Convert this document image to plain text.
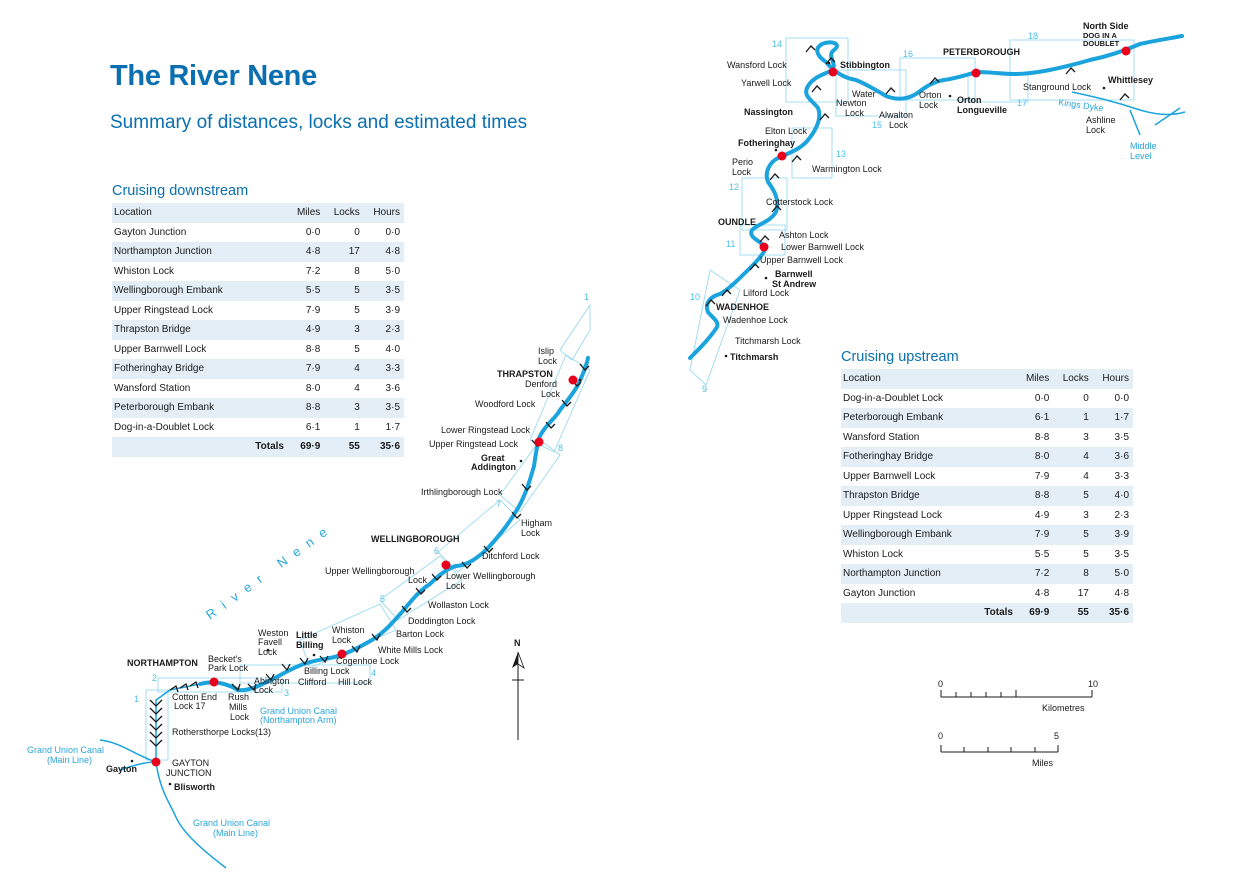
The River Nene

Summary of distances, locks and estimated times

Cruising downstream
Location	Miles	Locks	Hours
Gayton Junction	0·0	0	0·0
Northampton Junction	4·8	17	4·8
Whiston Lock	7·2	8	5·0
Wellingborough Embank	5·5	5	3·5
Upper Ringstead Lock	7·9	5	3·9
Thrapston Bridge	4·9	3	2·3
Upper Barnwell Lock	8·8	5	4·0
Fotheringhay Bridge	7·9	4	3·3
Wansford Station	8·0	4	3·6
Peterborough Embank	8·8	3	3·5
Dog-in-a-Doublet Lock	6·1	1	1·7
Totals	69·9	55	35·6
Cruising upstream
Location	Miles	Locks	Hours
Dog-in-a-Doublet Lock	0·0	0	0·0
Peterborough Embank	6·1	1	1·7
Wansford Station	8·8	3	3·5
Fotheringhay Bridge	8·0	4	3·6
Upper Barnwell Lock	7·9	4	3·3
Thrapston Bridge	8·8	5	4·0
Upper Ringstead Lock	4·9	3	2·3
Wellingborough Embank	7·9	5	3·9
Whiston Lock	5·5	5	3·5
Northampton Junction	7·2	8	5·0
Gayton Junction	4·8	17	4·8
Totals	69·9	55	35·6
River Nene
N
0	10
Kilometres
0	5
Miles
NORTHAMPTON
Gayton
GAYTON
JUNCTION
Blisworth
Little
Billing
WELLINGBOROUGH
Great
Addington
THRAPSTON
Titchmarsh
WADENHOE
Barnwell
St Andrew
OUNDLE
Fotheringhay
Nassington
Stibbington
PETERBOROUGH
Orton
Longueville
Whittlesey
North Side
DOG IN A
DOUBLET
Cotton End
Lock 17
Rothersthorpe Locks(13)
Becket's
Park Lock
Rush
Mills
Lock
Abington
Lock
Weston
Favell
Lock
Billing Lock
Clifford Hill Lock
Whiston
Lock
Cogenhoe Lock
White Mills Lock
Barton Lock
Doddington Lock
Wollaston Lock
Upper Wellingborough
Lock Lower Wellingborough
Lock
Ditchford Lock
Higham
Lock
Irthlingborough Lock
Upper Ringstead Lock
Lower Ringstead Lock
Woodford Lock
Denford
Lock
Islip
Lock
Titchmarsh Lock
Wadenhoe Lock
Lilford Lock
Upper Barnwell Lock
Lower Barnwell Lock
Ashton Lock
Cotterstock Lock
Perio
Lock	Warmington Lock
Elton Lock
Water
Newton
Lock
Yarwell Lock
Wansford Lock
Alwalton
Lock
Orton
Lock
Stanground Lock
Ashline
Lock
Grand Union Canal
(Main Line)
Grand Union Canal
(Northampton Arm)
Grand Union Canal
(Main Line)
Kings Dyke
Middle
Level
1
2
3
4
5
6
7
8
9
10
11
12
13
14
15
16
17
18
1
